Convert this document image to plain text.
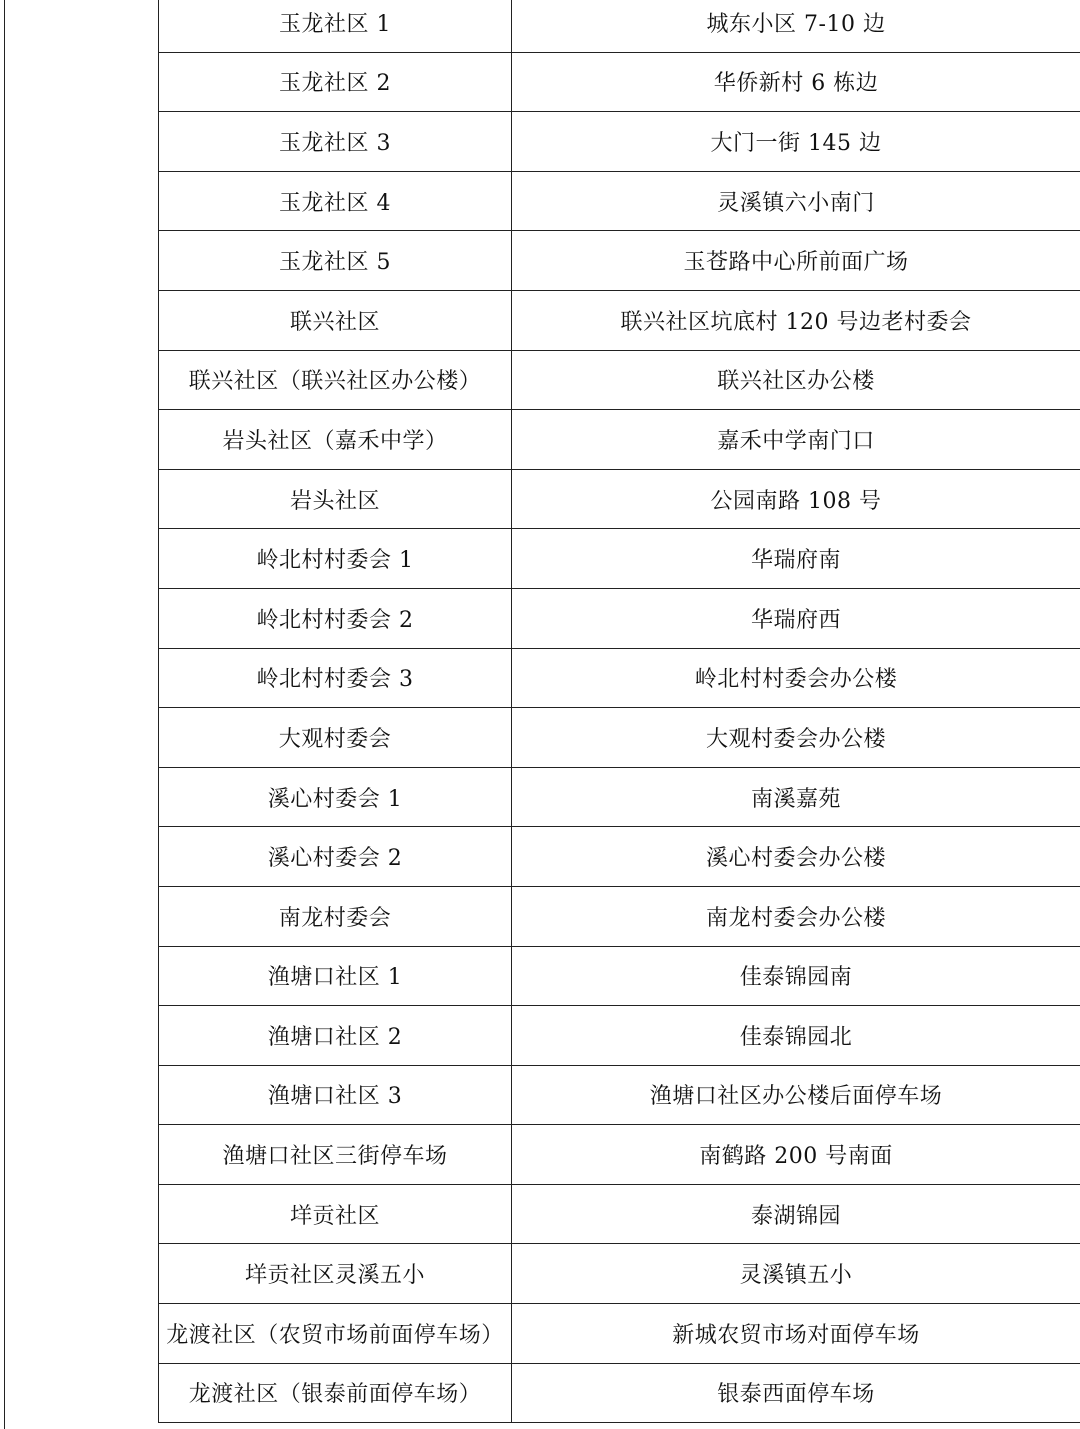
玉龙社区 1	城东小区 7-10 边
玉龙社区 2	华侨新村 6 栋边
玉龙社区 3	大门一街 145 边
玉龙社区 4	灵溪镇六小南门
玉龙社区 5	玉苍路中心所前面广场
联兴社区	联兴社区坑底村 120 号边老村委会
联兴社区（联兴社区办公楼）	联兴社区办公楼
岩头社区（嘉禾中学）	嘉禾中学南门口
岩头社区	公园南路 108 号
岭北村村委会 1	华瑞府南
岭北村村委会 2	华瑞府西
岭北村村委会 3	岭北村村委会办公楼
大观村委会	大观村委会办公楼
溪心村委会 1	南溪嘉苑
溪心村委会 2	溪心村委会办公楼
南龙村委会	南龙村委会办公楼
渔塘口社区 1	佳泰锦园南
渔塘口社区 2	佳泰锦园北
渔塘口社区 3	渔塘口社区办公楼后面停车场
渔塘口社区三街停车场	南鹤路 200 号南面
垟贡社区	泰湖锦园
垟贡社区灵溪五小	灵溪镇五小
龙渡社区（农贸市场前面停车场）	新城农贸市场对面停车场
龙渡社区（银泰前面停车场）	银泰西面停车场
